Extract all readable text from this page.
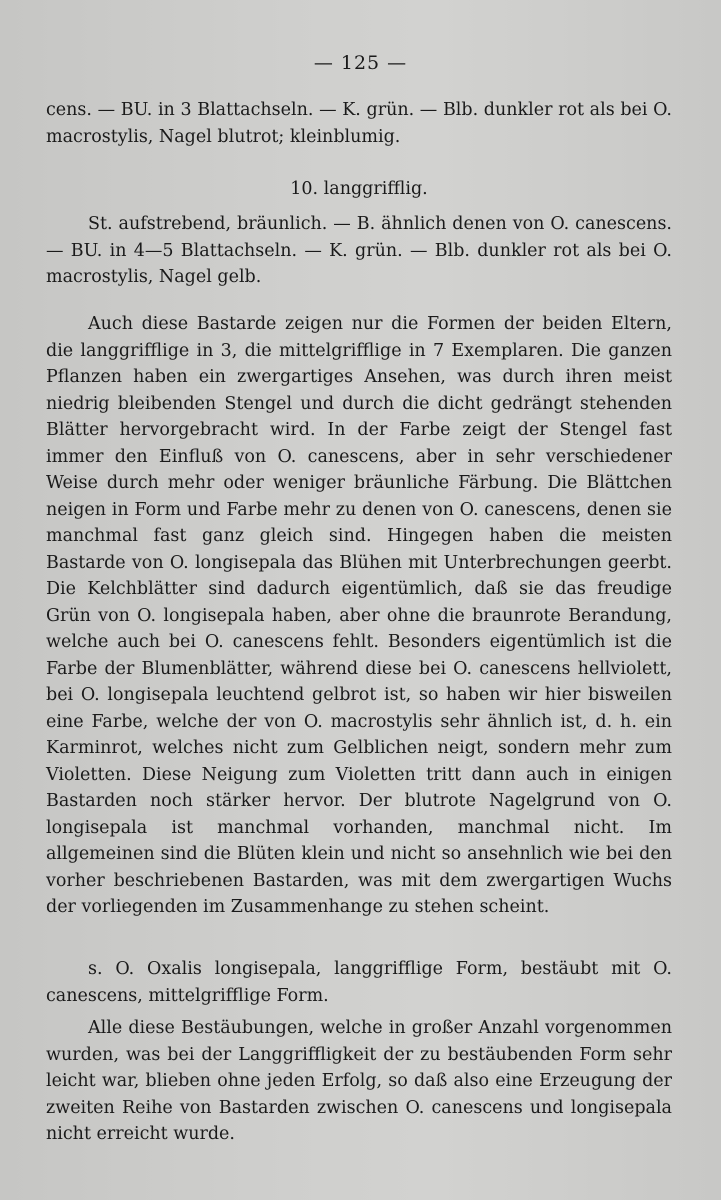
— 125 —

cens. — BU. in 3 Blattachseln. — K. grün. — Blb. dunkler rot als bei O. macrostylis, Nagel blutrot; kleinblumig.

10. langgrifflig.

St. aufstrebend, bräunlich. — B. ähnlich denen von O. canescens. — BU. in 4—5 Blattachseln. — K. grün. — Blb. dunkler rot als bei O. macrostylis, Nagel gelb.

Auch diese Bastarde zeigen nur die Formen der beiden Eltern, die langgrifflige in 3, die mittelgrifflige in 7 Exemplaren. Die ganzen Pflanzen haben ein zwergartiges Ansehen, was durch ihren meist niedrig bleibenden Stengel und durch die dicht gedrängt stehenden Blätter hervorgebracht wird. In der Farbe zeigt der Stengel fast immer den Einfluß von O. canescens, aber in sehr verschiedener Weise durch mehr oder weniger bräunliche Färbung. Die Blättchen neigen in Form und Farbe mehr zu denen von O. canescens, denen sie manchmal fast ganz gleich sind. Hingegen haben die meisten Bastarde von O. longisepala das Blühen mit Unterbrechungen geerbt. Die Kelchblätter sind dadurch eigentümlich, daß sie das freudige Grün von O. longisepala haben, aber ohne die braunrote Berandung, welche auch bei O. canescens fehlt. Besonders eigentümlich ist die Farbe der Blumenblätter, während diese bei O. canescens hellviolett, bei O. longisepala leuchtend gelbrot ist, so haben wir hier bisweilen eine Farbe, welche der von O. macrostylis sehr ähnlich ist, d. h. ein Karminrot, welches nicht zum Gelblichen neigt, sondern mehr zum Violetten. Diese Neigung zum Violetten tritt dann auch in einigen Bastarden noch stärker hervor. Der blutrote Nagelgrund von O. longisepala ist manchmal vorhanden, manchmal nicht. Im allgemeinen sind die Blüten klein und nicht so ansehnlich wie bei den vorher beschriebenen Bastarden, was mit dem zwergartigen Wuchs der vorliegenden im Zusammenhange zu stehen scheint.

s. O. Oxalis longisepala, langgrifflige Form, bestäubt mit O. canescens, mittelgrifflige Form.

Alle diese Bestäubungen, welche in großer Anzahl vorgenommen wurden, was bei der Langgriffligkeit der zu bestäubenden Form sehr leicht war, blieben ohne jeden Erfolg, so daß also eine Erzeugung der zweiten Reihe von Bastarden zwischen O. canescens und longisepala nicht erreicht wurde.
